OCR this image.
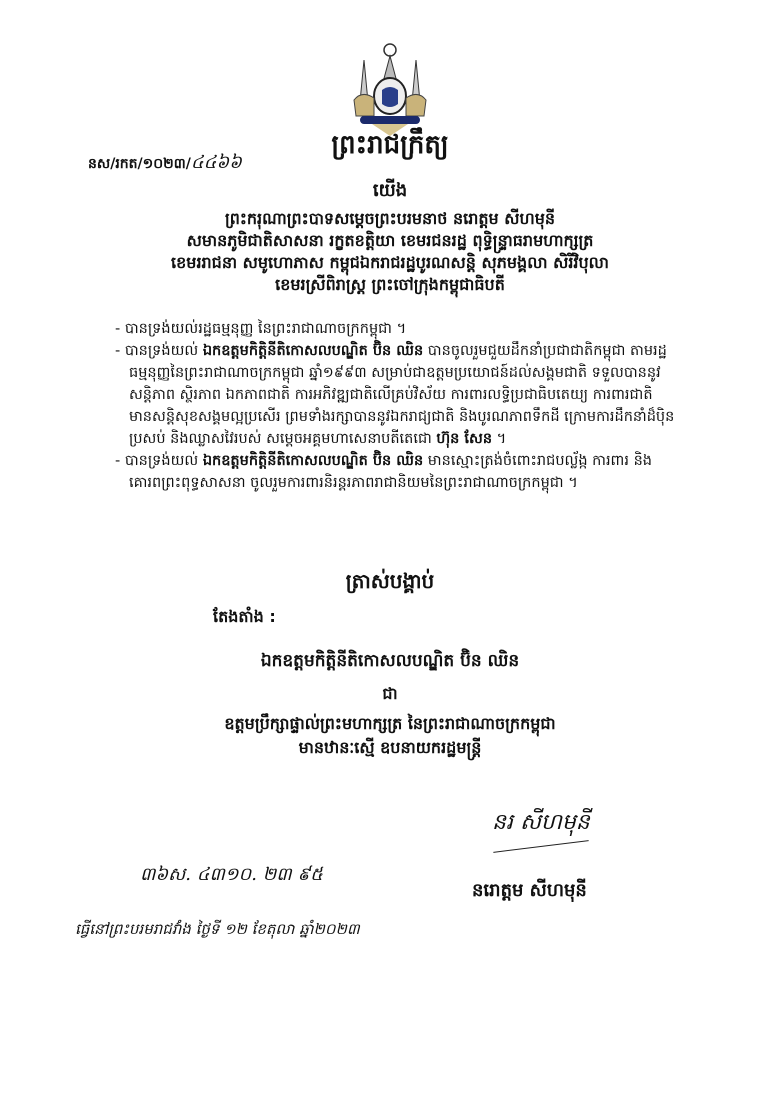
ព្រះរាជក្រឹត្យ
នស/រកត/១០២៣/៤៤៦៦
យើង
ព្រះករុណាព្រះបាទសម្តេចព្រះបរមនាថ នរោត្តម សីហមុនី
សមានភូមិជាតិសាសនា រក្ខតខត្តិយា ខេមរជនរដ្ឋ ពុទ្ធិន្ទ្រាធរាមហាក្សត្រ
ខេមររាជនា សមូហោភាស កម្ពុជឯករាជរដ្ឋបូរណសន្តិ សុភមង្គលា សិរីវិបុលា
ខេមរស្រីពិរាស្ត្រ ព្រះចៅក្រុងកម្ពុជាធិបតី

- បានទ្រង់យល់រដ្ឋធម្មនុញ្ញ នៃព្រះរាជាណាចក្រកម្ពុជា ។

- បានទ្រង់យល់ ឯកឧត្តមកិត្តិនីតិកោសលបណ្ឌិត ប៊ិន ឈិន បានចូលរួមជួយដឹកនាំប្រជាជាតិកម្ពុជា តាមរដ្ឋធម្មនុញ្ញនៃព្រះរាជាណាចក្រកម្ពុជា ឆ្នាំ១៩៩៣ សម្រាប់ជាឧត្តមប្រយោជន៍ដល់សង្គមជាតិ ទទួលបាននូវសន្តិភាព ស្ថិរភាព ឯកភាពជាតិ ការអភិវឌ្ឍជាតិលើគ្រប់វិស័យ ការពារលទ្ធិប្រជាធិបតេយ្យ ការពារជាតិ មានសន្តិសុខសង្គមល្អប្រសើរ ព្រមទាំងរក្សាបាននូវឯករាជ្យជាតិ និងបូរណភាពទឹកដី ក្រោមការដឹកនាំដ៏ប៉ិនប្រសប់ និងឈ្លាសវៃរបស់ សម្តេចអគ្គមហាសេនាបតីតេជោ ហ៊ុន សែន ។

- បានទ្រង់យល់ ឯកឧត្តមកិត្តិនីតិកោសលបណ្ឌិត ប៊ិន ឈិន មានស្មោះត្រង់ចំពោះរាជបល្ល័ង្ក ការពារ និងគោរពព្រះពុទ្ធសាសនា ចូលរួមការពារនិរន្តរភាពរាជានិយមនៃព្រះរាជាណាចក្រកម្ពុជា ។

ត្រាស់បង្គាប់
តែងតាំង :
ឯកឧត្តមកិត្តិនីតិកោសលបណ្ឌិត ប៊ិន ឈិន
ជា
ឧត្តមប្រឹក្សាផ្ទាល់ព្រះមហាក្សត្រ នៃព្រះរាជាណាចក្រកម្ពុជា
មានឋានៈស្មើ ឧបនាយករដ្ឋមន្ត្រី
នរ សីហមុនី
៣៦ស. ៤៣១០. ២៣ ៩៥
នរោត្តម សីហមុនី
ធ្វើនៅព្រះបរមរាជវាំង ថ្ងៃទី ១២ ខែតុលា ឆ្នាំ២០២៣
